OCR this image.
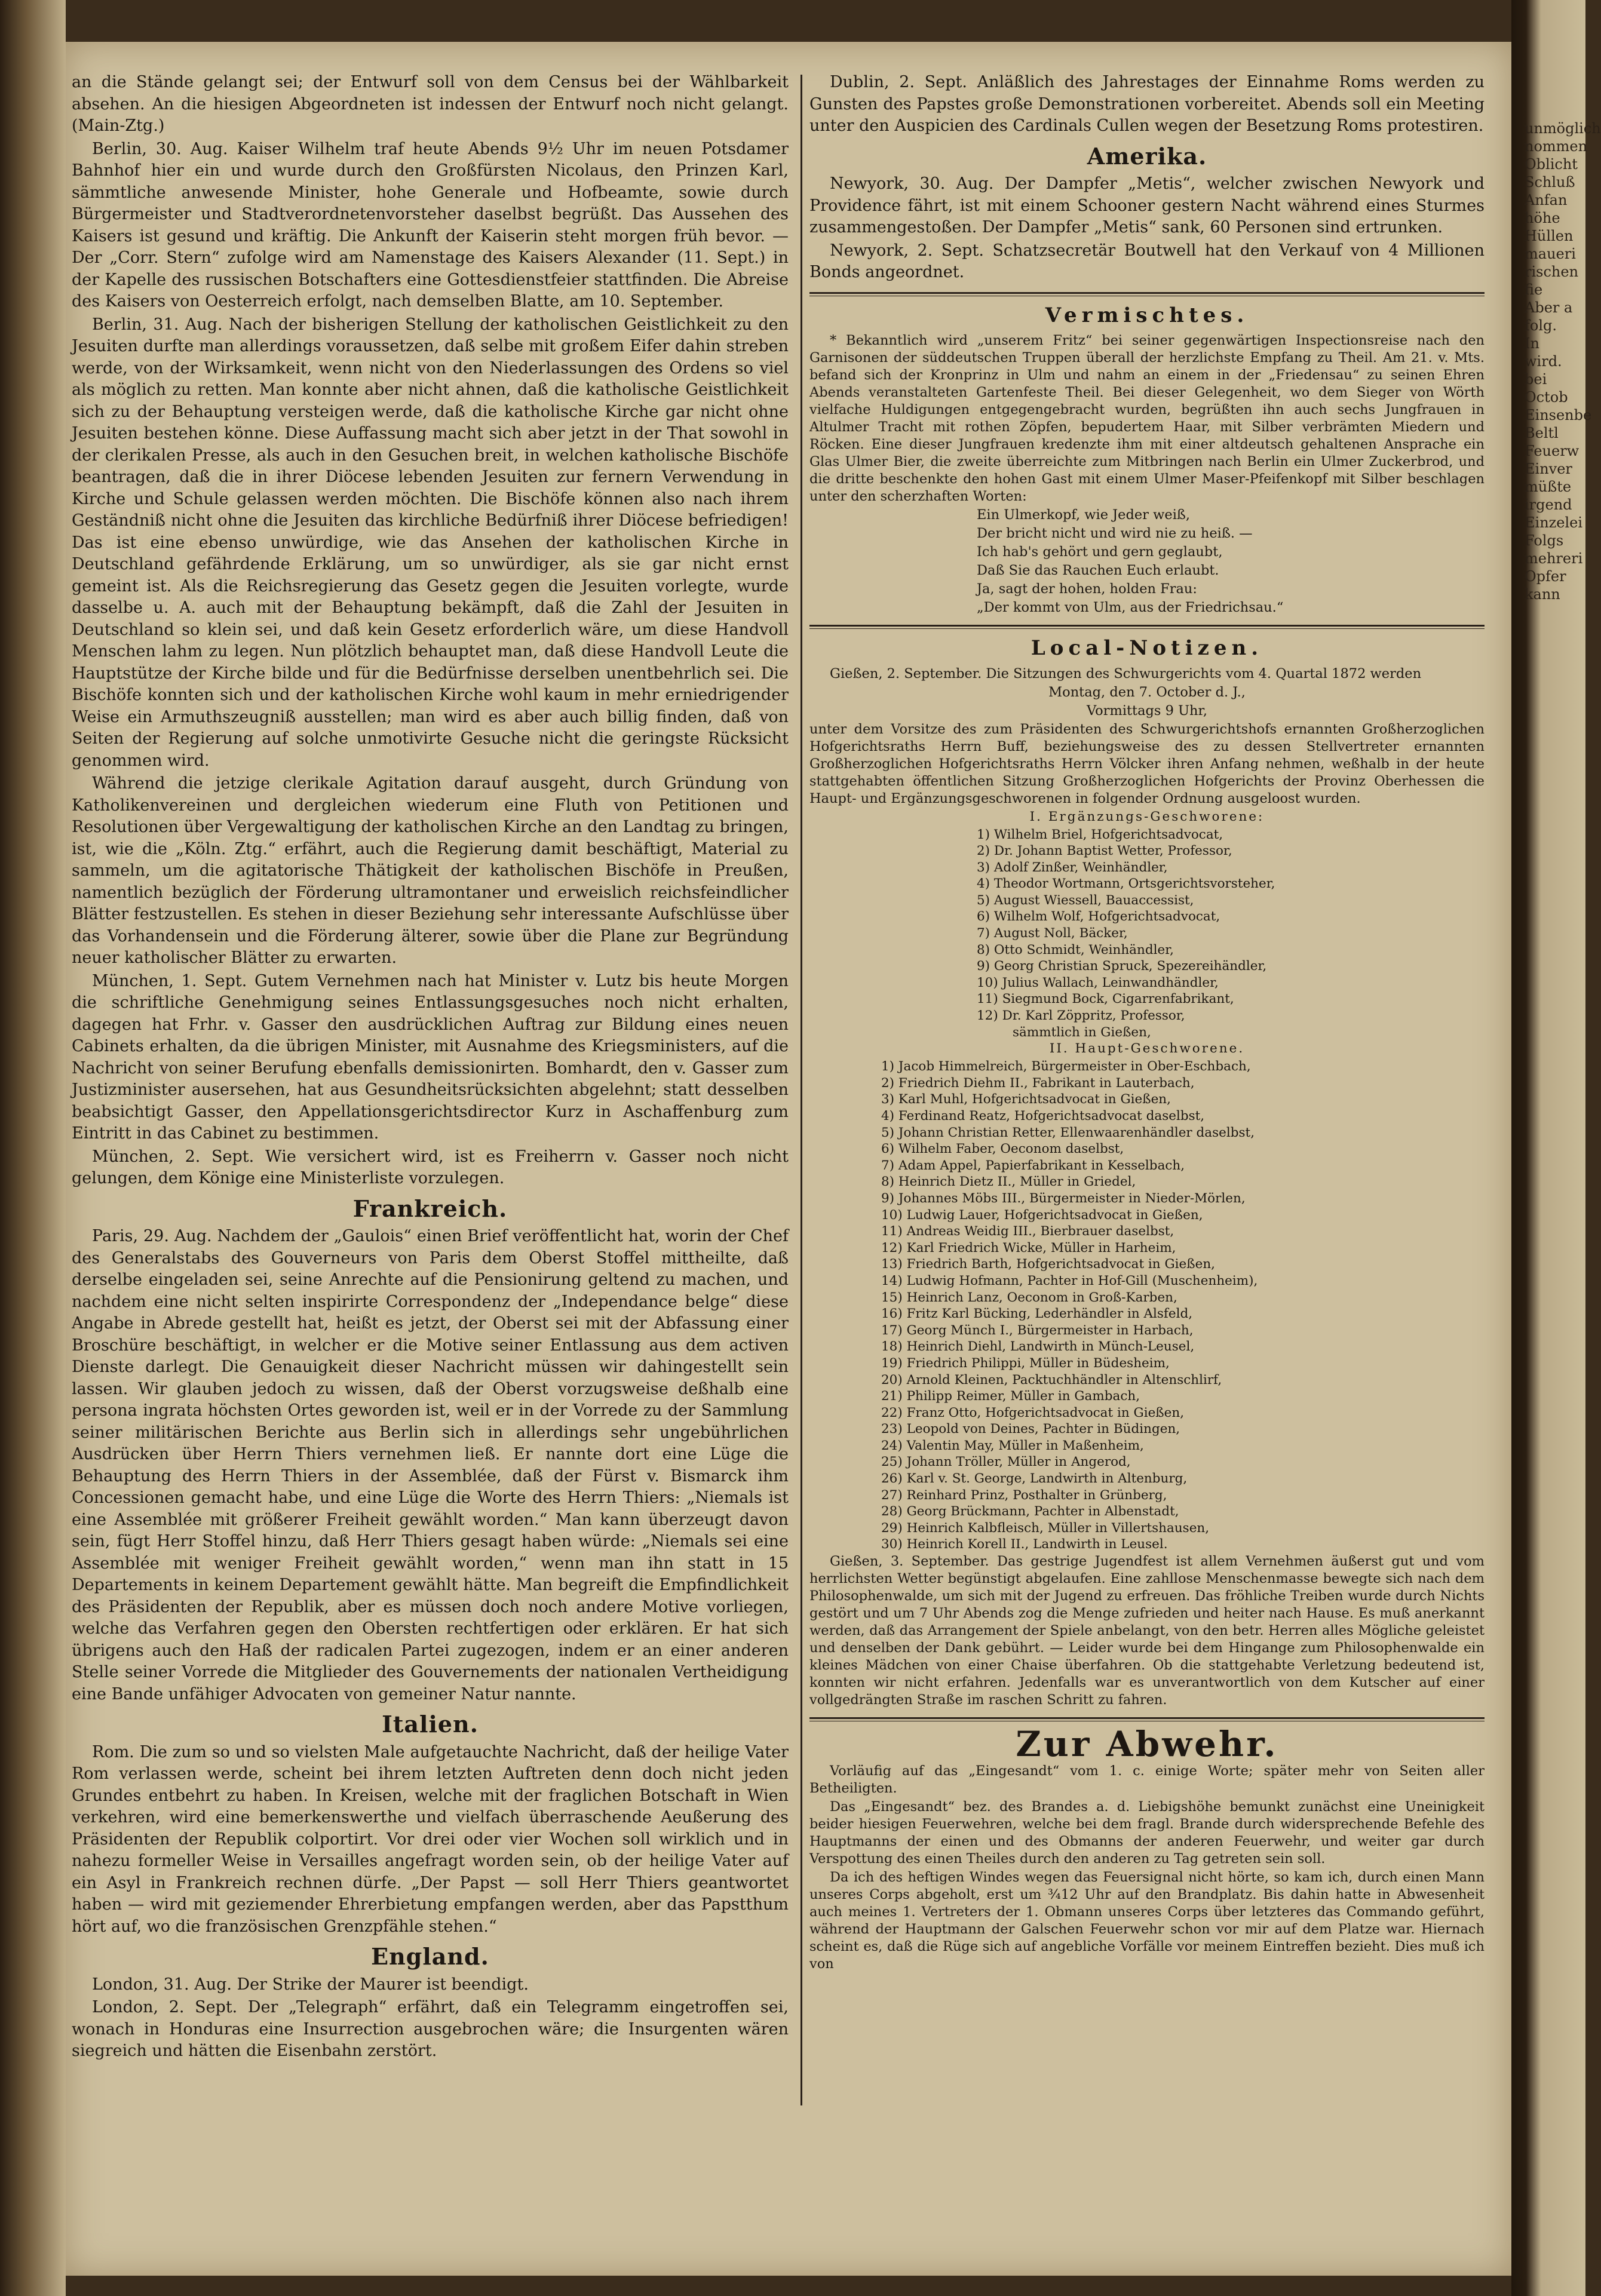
unmöglich
nommen
Oblicht
Schluß
Anfan
höhe
Hüllen
maueri
rischen
fie
Aber a
folg.
In
wird.
bei
Octob
Einsenbe
Beltl
Feuerw
Einver
müßte
irgend
Einzelei
Folgs
mehreri
Opfer
kann

an die Stände gelangt sei; der Entwurf soll von dem Census bei der Wählbarkeit absehen. An die hiesigen Abgeordneten ist indessen der Entwurf noch nicht gelangt. (Main-Ztg.)

Berlin, 30. Aug. Kaiser Wilhelm traf heute Abends 9½ Uhr im neuen Potsdamer Bahnhof hier ein und wurde durch den Großfürsten Nicolaus, den Prinzen Karl, sämmtliche anwesende Minister, hohe Generale und Hofbeamte, sowie durch Bürgermeister und Stadtverordnetenvorsteher daselbst begrüßt. Das Aussehen des Kaisers ist gesund und kräftig. Die Ankunft der Kaiserin steht morgen früh bevor. — Der „Corr. Stern“ zufolge wird am Namenstage des Kaisers Alexander (11. Sept.) in der Kapelle des russischen Botschafters eine Gottesdienstfeier stattfinden. Die Abreise des Kaisers von Oesterreich erfolgt, nach demselben Blatte, am 10. September.

Berlin, 31. Aug. Nach der bisherigen Stellung der katholischen Geistlichkeit zu den Jesuiten durfte man allerdings voraussetzen, daß selbe mit großem Eifer dahin streben werde, von der Wirksamkeit, wenn nicht von den Niederlassungen des Ordens so viel als möglich zu retten. Man konnte aber nicht ahnen, daß die katholische Geistlichkeit sich zu der Behauptung versteigen werde, daß die katholische Kirche gar nicht ohne Jesuiten bestehen könne. Diese Auffassung macht sich aber jetzt in der That sowohl in der clerikalen Presse, als auch in den Gesuchen breit, in welchen katholische Bischöfe beantragen, daß die in ihrer Diöcese lebenden Jesuiten zur fernern Verwendung in Kirche und Schule gelassen werden möchten. Die Bischöfe können also nach ihrem Geständniß nicht ohne die Jesuiten das kirchliche Bedürfniß ihrer Diöcese befriedigen! Das ist eine ebenso unwürdige, wie das Ansehen der katholischen Kirche in Deutschland gefährdende Erklärung, um so unwürdiger, als sie gar nicht ernst gemeint ist. Als die Reichsregierung das Gesetz gegen die Jesuiten vorlegte, wurde dasselbe u. A. auch mit der Behauptung bekämpft, daß die Zahl der Jesuiten in Deutschland so klein sei, und daß kein Gesetz erforderlich wäre, um diese Handvoll Menschen lahm zu legen. Nun plötzlich behauptet man, daß diese Handvoll Leute die Hauptstütze der Kirche bilde und für die Bedürfnisse derselben unentbehrlich sei. Die Bischöfe konnten sich und der katholischen Kirche wohl kaum in mehr erniedrigender Weise ein Armuthszeugniß ausstellen; man wird es aber auch billig finden, daß von Seiten der Regierung auf solche unmotivirte Gesuche nicht die geringste Rücksicht genommen wird.

Während die jetzige clerikale Agitation darauf ausgeht, durch Gründung von Katholikenvereinen und dergleichen wiederum eine Fluth von Petitionen und Resolutionen über Vergewaltigung der katholischen Kirche an den Landtag zu bringen, ist, wie die „Köln. Ztg.“ erfährt, auch die Regierung damit beschäftigt, Material zu sammeln, um die agitatorische Thätigkeit der katholischen Bischöfe in Preußen, namentlich bezüglich der Förderung ultramontaner und erweislich reichsfeindlicher Blätter festzustellen. Es stehen in dieser Beziehung sehr interessante Aufschlüsse über das Vorhandensein und die Förderung älterer, sowie über die Plane zur Begründung neuer katholischer Blätter zu erwarten.

München, 1. Sept. Gutem Vernehmen nach hat Minister v. Lutz bis heute Morgen die schriftliche Genehmigung seines Entlassungsgesuches noch nicht erhalten, dagegen hat Frhr. v. Gasser den ausdrücklichen Auftrag zur Bildung eines neuen Cabinets erhalten, da die übrigen Minister, mit Ausnahme des Kriegsministers, auf die Nachricht von seiner Berufung ebenfalls demissionirten. Bomhardt, den v. Gasser zum Justizminister ausersehen, hat aus Gesundheitsrücksichten abgelehnt; statt desselben beabsichtigt Gasser, den Appellationsgerichtsdirector Kurz in Aschaffenburg zum Eintritt in das Cabinet zu bestimmen.

München, 2. Sept. Wie versichert wird, ist es Freiherrn v. Gasser noch nicht gelungen, dem Könige eine Ministerliste vorzulegen.

Frankreich.

Paris, 29. Aug. Nachdem der „Gaulois“ einen Brief veröffentlicht hat, worin der Chef des Generalstabs des Gouverneurs von Paris dem Oberst Stoffel mittheilte, daß derselbe eingeladen sei, seine Anrechte auf die Pensionirung geltend zu machen, und nachdem eine nicht selten inspirirte Correspondenz der „Independance belge“ diese Angabe in Abrede gestellt hat, heißt es jetzt, der Oberst sei mit der Abfassung einer Broschüre beschäftigt, in welcher er die Motive seiner Entlassung aus dem activen Dienste darlegt. Die Genauigkeit dieser Nachricht müssen wir dahingestellt sein lassen. Wir glauben jedoch zu wissen, daß der Oberst vorzugsweise deßhalb eine persona ingrata höchsten Ortes geworden ist, weil er in der Vorrede zu der Sammlung seiner militärischen Berichte aus Berlin sich in allerdings sehr ungebührlichen Ausdrücken über Herrn Thiers vernehmen ließ. Er nannte dort eine Lüge die Behauptung des Herrn Thiers in der Assemblée, daß der Fürst v. Bismarck ihm Concessionen gemacht habe, und eine Lüge die Worte des Herrn Thiers: „Niemals ist eine Assemblée mit größerer Freiheit gewählt worden.“ Man kann überzeugt davon sein, fügt Herr Stoffel hinzu, daß Herr Thiers gesagt haben würde: „Niemals sei eine Assemblée mit weniger Freiheit gewählt worden,“ wenn man ihn statt in 15 Departements in keinem Departement gewählt hätte. Man begreift die Empfindlichkeit des Präsidenten der Republik, aber es müssen doch noch andere Motive vorliegen, welche das Verfahren gegen den Obersten rechtfertigen oder erklären. Er hat sich übrigens auch den Haß der radicalen Partei zugezogen, indem er an einer anderen Stelle seiner Vorrede die Mitglieder des Gouvernements der nationalen Vertheidigung eine Bande unfähiger Advocaten von gemeiner Natur nannte.

Italien.

Rom. Die zum so und so vielsten Male aufgetauchte Nachricht, daß der heilige Vater Rom verlassen werde, scheint bei ihrem letzten Auftreten denn doch nicht jeden Grundes entbehrt zu haben. In Kreisen, welche mit der fraglichen Botschaft in Wien verkehren, wird eine bemerkenswerthe und vielfach überraschende Aeußerung des Präsidenten der Republik colportirt. Vor drei oder vier Wochen soll wirklich und in nahezu formeller Weise in Versailles angefragt worden sein, ob der heilige Vater auf ein Asyl in Frankreich rechnen dürfe. „Der Papst — soll Herr Thiers geantwortet haben — wird mit geziemender Ehrerbietung empfangen werden, aber das Papstthum hört auf, wo die französischen Grenzpfähle stehen.“

England.

London, 31. Aug. Der Strike der Maurer ist beendigt.

London, 2. Sept. Der „Telegraph“ erfährt, daß ein Telegramm eingetroffen sei, wonach in Honduras eine Insurrection ausgebrochen wäre; die Insurgenten wären siegreich und hätten die Eisenbahn zerstört.

Dublin, 2. Sept. Anläßlich des Jahrestages der Einnahme Roms werden zu Gunsten des Papstes große Demonstrationen vorbereitet. Abends soll ein Meeting unter den Auspicien des Cardinals Cullen wegen der Besetzung Roms protestiren.

Amerika.

Newyork, 30. Aug. Der Dampfer „Metis“, welcher zwischen Newyork und Providence fährt, ist mit einem Schooner gestern Nacht während eines Sturmes zusammengestoßen. Der Dampfer „Metis“ sank, 60 Personen sind ertrunken.

Newyork, 2. Sept. Schatzsecretär Boutwell hat den Verkauf von 4 Millionen Bonds angeordnet.

Vermischtes.

* Bekanntlich wird „unserem Fritz“ bei seiner gegenwärtigen Inspectionsreise nach den Garnisonen der süddeutschen Truppen überall der herzlichste Empfang zu Theil. Am 21. v. Mts. befand sich der Kronprinz in Ulm und nahm an einem in der „Friedensau“ zu seinen Ehren Abends veranstalteten Gartenfeste Theil. Bei dieser Gelegenheit, wo dem Sieger von Wörth vielfache Huldigungen entgegengebracht wurden, begrüßten ihn auch sechs Jungfrauen in Altulmer Tracht mit rothen Zöpfen, bepudertem Haar, mit Silber verbrämten Miedern und Röcken. Eine dieser Jungfrauen kredenzte ihm mit einer altdeutsch gehaltenen Ansprache ein Glas Ulmer Bier, die zweite überreichte zum Mitbringen nach Berlin ein Ulmer Zuckerbrod, und die dritte beschenkte den hohen Gast mit einem Ulmer Maser-Pfeifenkopf mit Silber beschlagen unter den scherzhaften Worten:

Ein Ulmerkopf, wie Jeder weiß,

Der bricht nicht und wird nie zu heiß. —

Ich hab's gehört und gern geglaubt,

Daß Sie das Rauchen Euch erlaubt.

Ja, sagt der hohen, holden Frau:

„Der kommt von Ulm, aus der Friedrichsau.“

Local-Notizen.

Gießen, 2. September. Die Sitzungen des Schwurgerichts vom 4. Quartal 1872 werden

Montag, den 7. October d. J.,

Vormittags 9 Uhr,

unter dem Vorsitze des zum Präsidenten des Schwurgerichtshofs ernannten Großherzoglichen Hofgerichtsraths Herrn Buff, beziehungsweise des zu dessen Stellvertreter ernannten Großherzoglichen Hofgerichtsraths Herrn Völcker ihren Anfang nehmen, weßhalb in der heute stattgehabten öffentlichen Sitzung Großherzoglichen Hofgerichts der Provinz Oberhessen die Haupt- und Ergänzungsgeschworenen in folgender Ordnung ausgeloost wurden.

I. Ergänzungs-Geschworene:

1) Wilhelm Briel, Hofgerichtsadvocat,
2) Dr. Johann Baptist Wetter, Professor,
3) Adolf Zinßer, Weinhändler,
4) Theodor Wortmann, Ortsgerichtsvorsteher,
5) August Wiessell, Bauaccessist,
6) Wilhelm Wolf, Hofgerichtsadvocat,
7) August Noll, Bäcker,
8) Otto Schmidt, Weinhändler,
9) Georg Christian Spruck, Spezereihändler,
10) Julius Wallach, Leinwandhändler,
11) Siegmund Bock, Cigarrenfabrikant,
12) Dr. Karl Zöppritz, Professor,
sämmtlich in Gießen,

II. Haupt-Geschworene.

1) Jacob Himmelreich, Bürgermeister in Ober-Eschbach,
2) Friedrich Diehm II., Fabrikant in Lauterbach,
3) Karl Muhl, Hofgerichtsadvocat in Gießen,
4) Ferdinand Reatz, Hofgerichtsadvocat daselbst,
5) Johann Christian Retter, Ellenwaarenhändler daselbst,
6) Wilhelm Faber, Oeconom daselbst,
7) Adam Appel, Papierfabrikant in Kesselbach,
8) Heinrich Dietz II., Müller in Griedel,
9) Johannes Möbs III., Bürgermeister in Nieder-Mörlen,
10) Ludwig Lauer, Hofgerichtsadvocat in Gießen,
11) Andreas Weidig III., Bierbrauer daselbst,
12) Karl Friedrich Wicke, Müller in Harheim,
13) Friedrich Barth, Hofgerichtsadvocat in Gießen,
14) Ludwig Hofmann, Pachter in Hof-Gill (Muschenheim),
15) Heinrich Lanz, Oeconom in Groß-Karben,
16) Fritz Karl Bücking, Lederhändler in Alsfeld,
17) Georg Münch I., Bürgermeister in Harbach,
18) Heinrich Diehl, Landwirth in Münch-Leusel,
19) Friedrich Philippi, Müller in Büdesheim,
20) Arnold Kleinen, Packtuchhändler in Altenschlirf,
21) Philipp Reimer, Müller in Gambach,
22) Franz Otto, Hofgerichtsadvocat in Gießen,
23) Leopold von Deines, Pachter in Büdingen,
24) Valentin May, Müller in Maßenheim,
25) Johann Tröller, Müller in Angerod,
26) Karl v. St. George, Landwirth in Altenburg,
27) Reinhard Prinz, Posthalter in Grünberg,
28) Georg Brückmann, Pachter in Albenstadt,
29) Heinrich Kalbfleisch, Müller in Villertshausen,
30) Heinrich Korell II., Landwirth in Leusel.

Gießen, 3. September. Das gestrige Jugendfest ist allem Vernehmen äußerst gut und vom herrlichsten Wetter begünstigt abgelaufen. Eine zahllose Menschenmasse bewegte sich nach dem Philosophenwalde, um sich mit der Jugend zu erfreuen. Das fröhliche Treiben wurde durch Nichts gestört und um 7 Uhr Abends zog die Menge zufrieden und heiter nach Hause. Es muß anerkannt werden, daß das Arrangement der Spiele anbelangt, von den betr. Herren alles Mögliche geleistet und denselben der Dank gebührt. — Leider wurde bei dem Hingange zum Philosophenwalde ein kleines Mädchen von einer Chaise überfahren. Ob die stattgehabte Verletzung bedeutend ist, konnten wir nicht erfahren. Jedenfalls war es unverantwortlich von dem Kutscher auf einer vollgedrängten Straße im raschen Schritt zu fahren.

Zur Abwehr.

Vorläufig auf das „Eingesandt“ vom 1. c. einige Worte; später mehr von Seiten aller Betheiligten.

Das „Eingesandt“ bez. des Brandes a. d. Liebigshöhe bemunkt zunächst eine Uneinigkeit beider hiesigen Feuerwehren, welche bei dem fragl. Brande durch widersprechende Befehle des Hauptmanns der einen und des Obmanns der anderen Feuerwehr, und weiter gar durch Verspottung des einen Theiles durch den anderen zu Tag getreten sein soll.

Da ich des heftigen Windes wegen das Feuersignal nicht hörte, so kam ich, durch einen Mann unseres Corps abgeholt, erst um ¾12 Uhr auf den Brandplatz. Bis dahin hatte in Abwesenheit auch meines 1. Vertreters der 1. Obmann unseres Corps über letzteres das Commando geführt, während der Hauptmann der Galschen Feuerwehr schon vor mir auf dem Platze war. Hiernach scheint es, daß die Rüge sich auf angebliche Vorfälle vor meinem Eintreffen bezieht. Dies muß ich von
